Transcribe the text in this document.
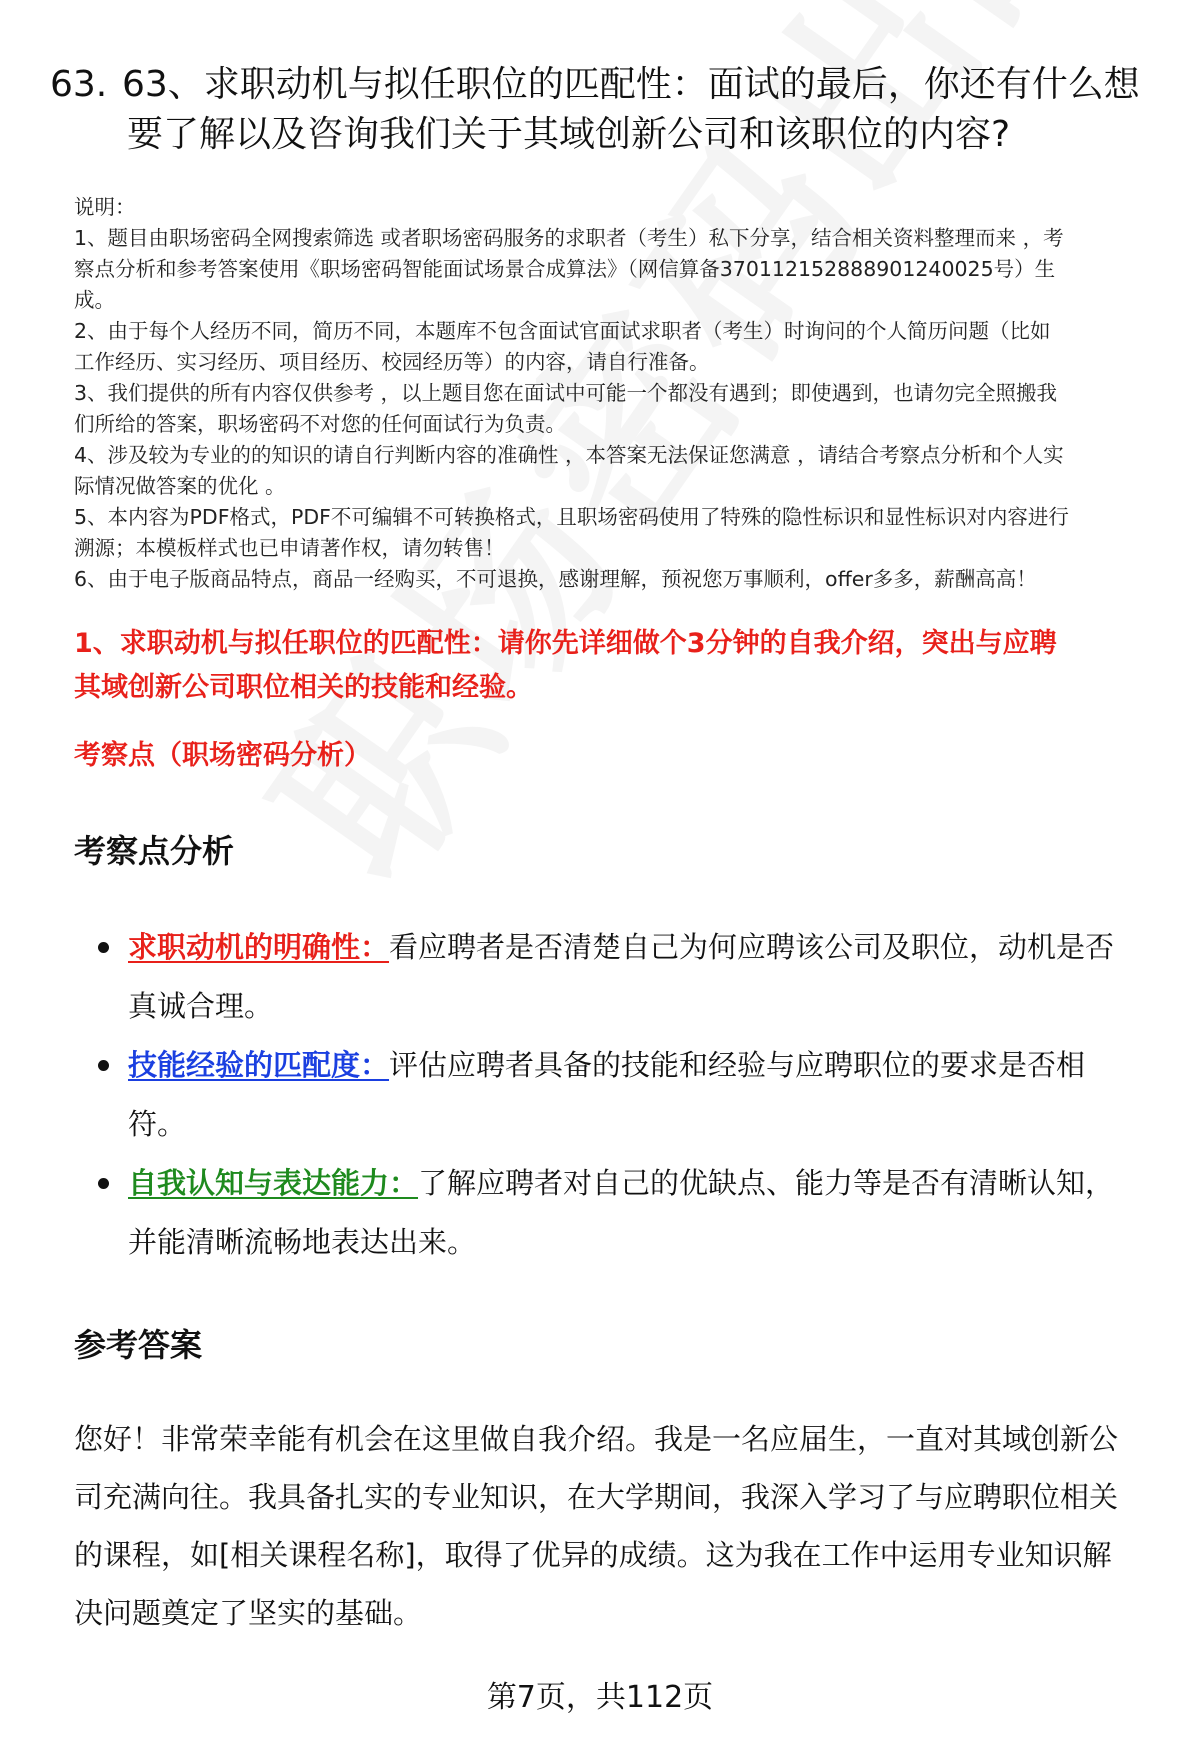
63. 63、求职动机与拟任职位的匹配性：面试的最后，你还有什么想
要了解以及咨询我们关于其域创新公司和该职位的内容?

说明：

1、题目由职场密码全网搜索筛选 或者职场密码服务的求职者（考生）私下分享，结合相关资料整理而来 ，考

察点分析和参考答案使用《职场密码智能面试场景合成算法》（网信算备370112152888901240025号）生

成。

2、由于每个人经历不同，简历不同，本题库不包含面试官面试求职者（考生）时询问的个人简历问题（比如

工作经历、实习经历、项目经历、校园经历等）的内容，请自行准备。

3、我们提供的所有内容仅供参考 ，以上题目您在面试中可能一个都没有遇到；即使遇到，也请勿完全照搬我

们所给的答案，职场密码不对您的任何面试行为负责。

4、涉及较为专业的的知识的请自行判断内容的准确性 ，本答案无法保证您满意 ，请结合考察点分析和个人实

际情况做答案的优化 。

5、本内容为PDF格式，PDF不可编辑不可转换格式，且职场密码使用了特殊的隐性标识和显性标识对内容进行

溯源；本模板样式也已申请著作权，请勿转售！

6、由于电子版商品特点，商品一经购买，不可退换，感谢理解，预祝您万事顺利，offer多多，薪酬高高！

1、求职动机与拟任职位的匹配性：请你先详细做个3分钟的自我介绍，突出与应聘
其域创新公司职位相关的技能和经验。
考察点（职场密码分析）
考察点分析
求职动机的明确性：看应聘者是否清楚自己为何应聘该公司及职位，动机是否
真诚合理。
技能经验的匹配度：评估应聘者具备的技能和经验与应聘职位的要求是否相
符。
自我认知与表达能力：了解应聘者对自己的优缺点、能力等是否有清晰认知，
并能清晰流畅地表达出来。
参考答案
您好！非常荣幸能有机会在这里做自我介绍。我是一名应届生，一直对其域创新公
司充满向往。我具备扎实的专业知识，在大学期间，我深入学习了与应聘职位相关
的课程，如[相关课程名称]，取得了优异的成绩。这为我在工作中运用专业知识解
决问题奠定了坚实的基础。
第7页，共112页
